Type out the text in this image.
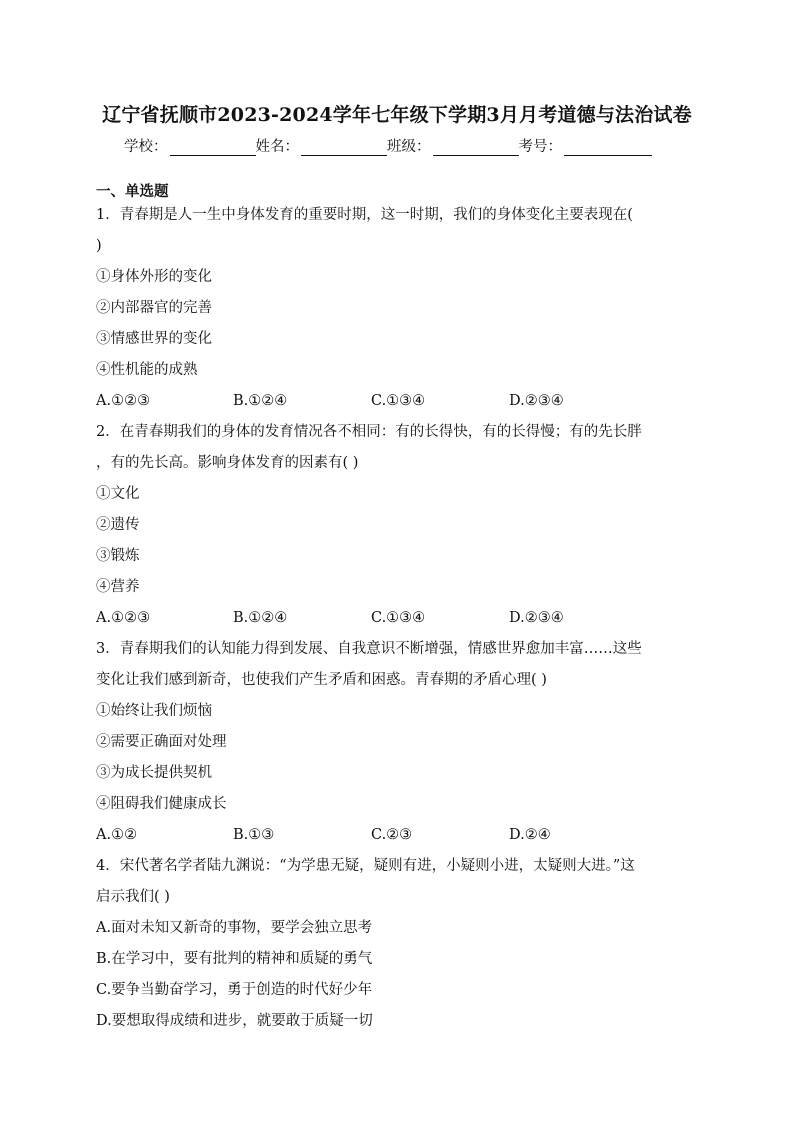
辽宁省抚顺市2023-2024学年七年级下学期3月月考道德与法治试卷
学校：	姓名：	班级：	考号：
一、单选题
1．青春期是人一生中身体发育的重要时期，这一时期，我们的身体变化主要表现在(
)
①身体外形的变化
②内部器官的完善
③情感世界的变化
④性机能的成熟
A.①②③	B.①②④	C.①③④	D.②③④
2．在青春期我们的身体的发育情况各不相同：有的长得快，有的长得慢；有的先长胖
，有的先长高。影响身体发育的因素有( )
①文化
②遗传
③锻炼
④营养
A.①②③	B.①②④	C.①③④	D.②③④
3．青春期我们的认知能力得到发展、自我意识不断增强，情感世界愈加丰富……这些
变化让我们感到新奇，也使我们产生矛盾和困惑。青春期的矛盾心理( )
①始终让我们烦恼
②需要正确面对处理
③为成长提供契机
④阻碍我们健康成长
A.①②	B.①③	C.②③	D.②④
4．宋代著名学者陆九渊说：“为学患无疑，疑则有进，小疑则小进，太疑则大进。”这
启示我们( )
A.面对未知又新奇的事物，要学会独立思考
B.在学习中，要有批判的精神和质疑的勇气
C.要争当勤奋学习，勇于创造的时代好少年
D.要想取得成绩和进步，就要敢于质疑一切
